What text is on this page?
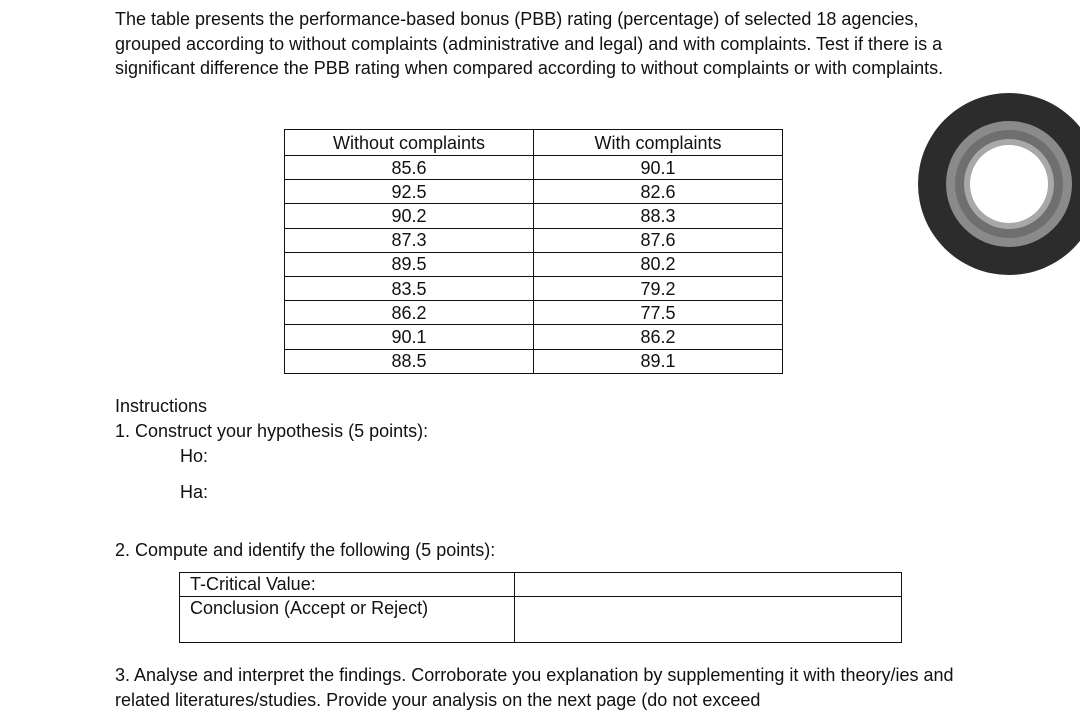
The table presents the performance-based bonus (PBB) rating (percentage) of selected 18 agencies, grouped according to without complaints (administrative and legal) and with complaints. Test if there is a significant difference the PBB rating when compared according to without complaints or with complaints.

Without complaints	With complaints
85.6	90.1
92.5	82.6
90.2	88.3
87.3	87.6
89.5	80.2
83.5	79.2
86.2	77.5
90.1	86.2
88.5	89.1

Instructions

1. Construct your hypothesis (5 points):

Ho:

Ha:

2. Compute and identify the following (5 points):

T-Critical Value:	
Conclusion (Accept or Reject)	

3. Analyse and interpret the findings. Corroborate you explanation by supplementing it with theory/ies and related literatures/studies. Provide your analysis on the next page (do not exceed
